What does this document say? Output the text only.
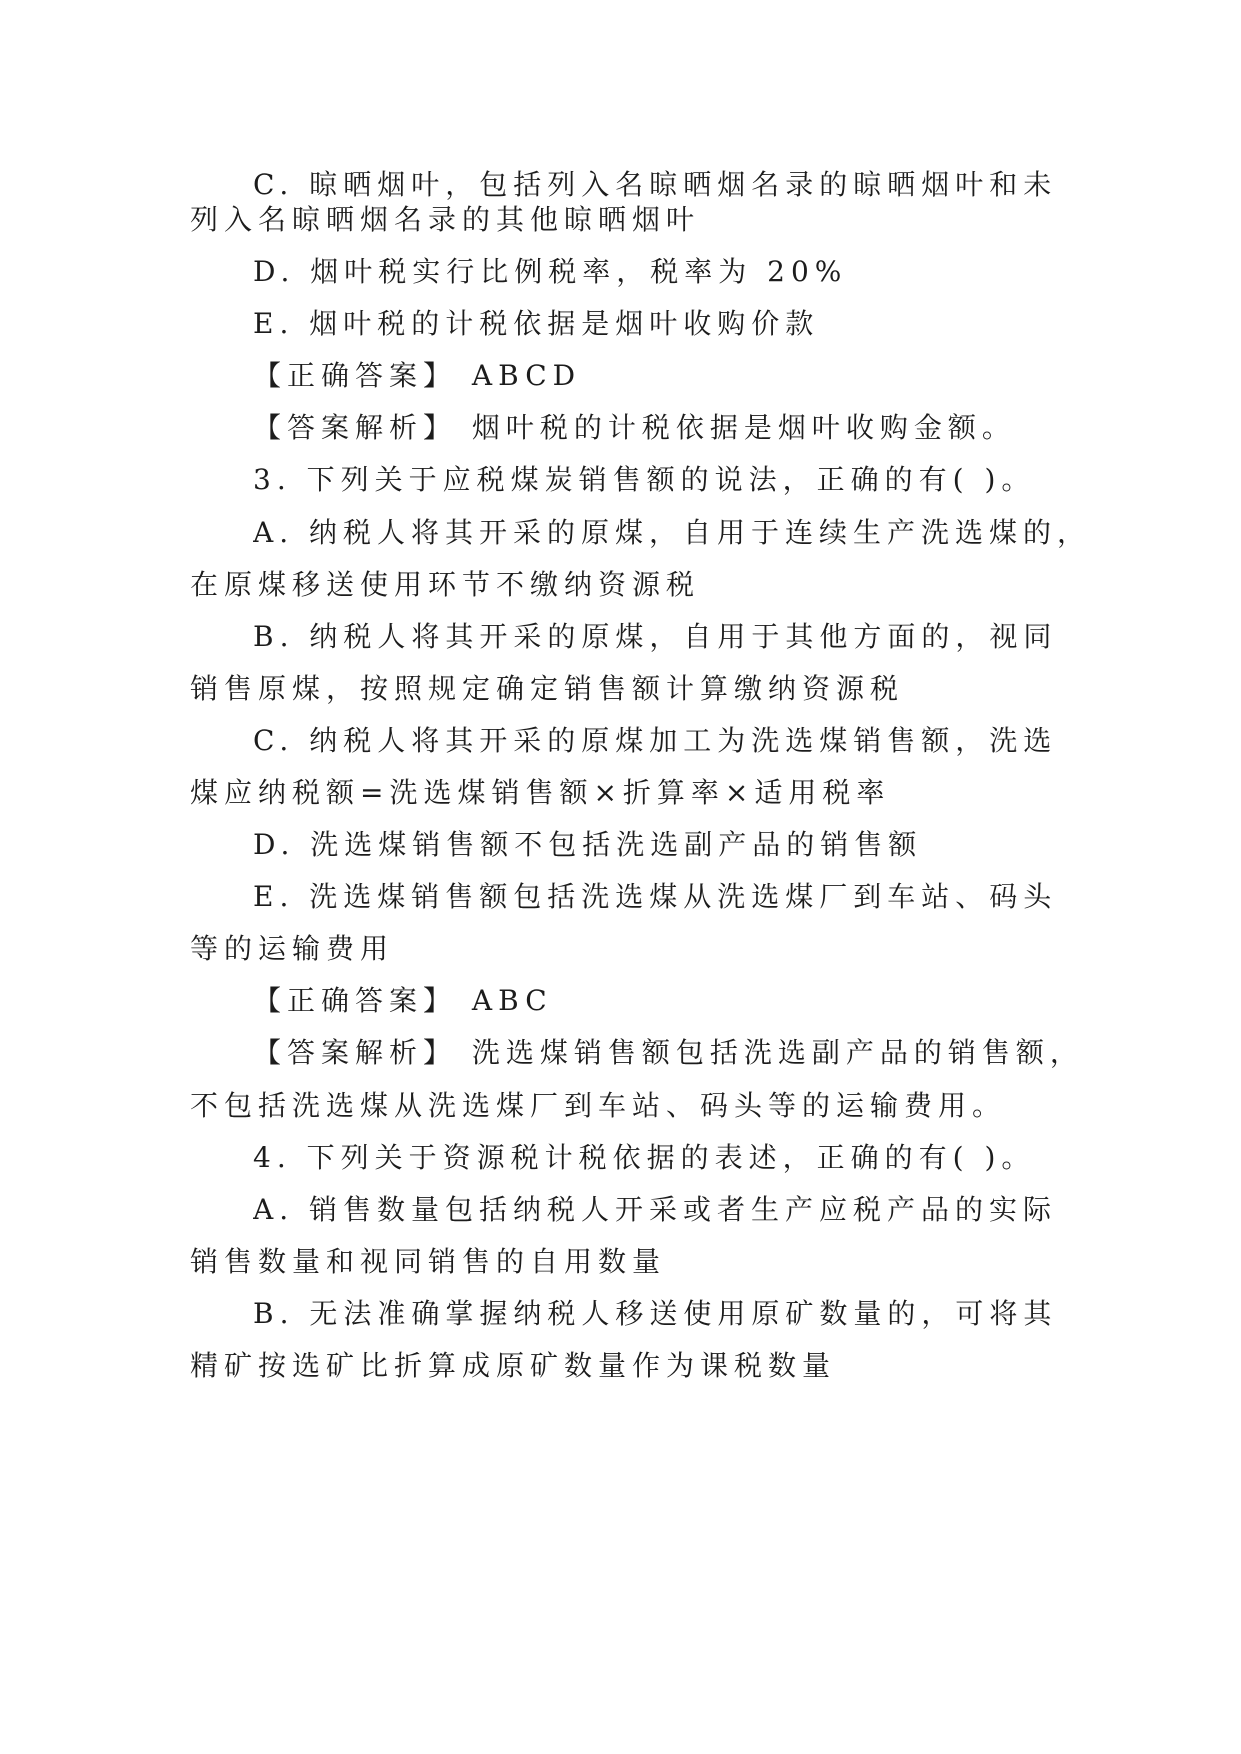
C. 晾晒烟叶，包括列入名晾晒烟名录的晾晒烟叶和未
列入名晾晒烟名录的其他晾晒烟叶
D. 烟叶税实行比例税率，税率为 20%
E. 烟叶税的计税依据是烟叶收购价款
【正确答案】 ABCD
【答案解析】 烟叶税的计税依据是烟叶收购金额。
3. 下列关于应税煤炭销售额的说法，正确的有( )。
A. 纳税人将其开采的原煤，自用于连续生产洗选煤的，
在原煤移送使用环节不缴纳资源税
B. 纳税人将其开采的原煤，自用于其他方面的，视同
销售原煤，按照规定确定销售额计算缴纳资源税
C. 纳税人将其开采的原煤加工为洗选煤销售额，洗选
煤应纳税额=洗选煤销售额×折算率×适用税率
D. 洗选煤销售额不包括洗选副产品的销售额
E. 洗选煤销售额包括洗选煤从洗选煤厂到车站、码头
等的运输费用
【正确答案】 ABC
【答案解析】 洗选煤销售额包括洗选副产品的销售额，
不包括洗选煤从洗选煤厂到车站、码头等的运输费用。
4. 下列关于资源税计税依据的表述，正确的有( )。
A. 销售数量包括纳税人开采或者生产应税产品的实际
销售数量和视同销售的自用数量
B. 无法准确掌握纳税人移送使用原矿数量的，可将其
精矿按选矿比折算成原矿数量作为课税数量
